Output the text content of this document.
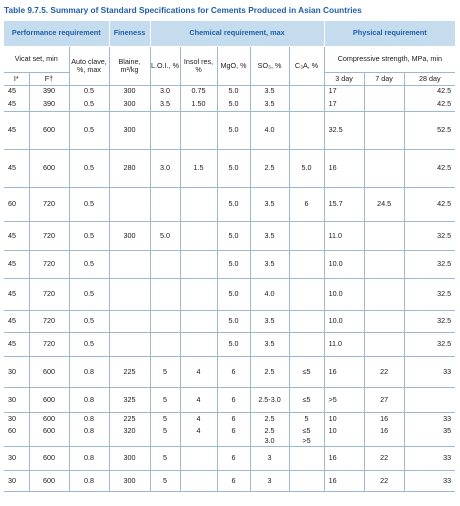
Table 9.7.5. Summary of Standard Specifications for Cements Produced in Asian Countries
Performance requirement			Fineness	Chemical requirement, max					Physical requirement		
Vicat set, min		Auto clave, %, max	Blaine, m²/kg	L.O.I., %	Insol res, %	MgO, %	SO₃, %	C₃A, %	Compressive strength, MPa, min		
I*	F†								3 day	7 day	28 day
45	390	0.5	300	3.0	0.75	5.0	3.5		17		42.5
45	390	0.5	300	3.5	1.50	5.0	3.5		17		42.5
45	600	0.5	300			5.0	4.0		32.5		52.5
45	600	0.5	280	3.0	1.5	5.0	2.5	5.0	16		42.5
60	720	0.5				5.0	3.5	6	15.7	24.5	42.5
45	720	0.5	300	5.0		5.0	3.5		11.0		32.5
45	720	0.5				5.0	3.5		10.0		32.5
45	720	0.5				5.0	4.0		10.0		32.5
45	720	0.5				5.0	3.5		10.0		32.5
45	720	0.5				5.0	3.5		11.0		32.5
30	600	0.8	225	5	4	6	2.5	≤5	16	22	33
30	600	0.8	325	5	4	6	2.5-3.0	≤5	>5	27	
30	600	0.8	225	5	4	6	2.5	5	10	16	33
60	600	0.8	320	5	4	6	2.5	≤5	10	16	35
							3.0	>5			
30	600	0.8	300	5		6	3		16	22	33
30	600	0.8	300	5		6	3		16	22	33
